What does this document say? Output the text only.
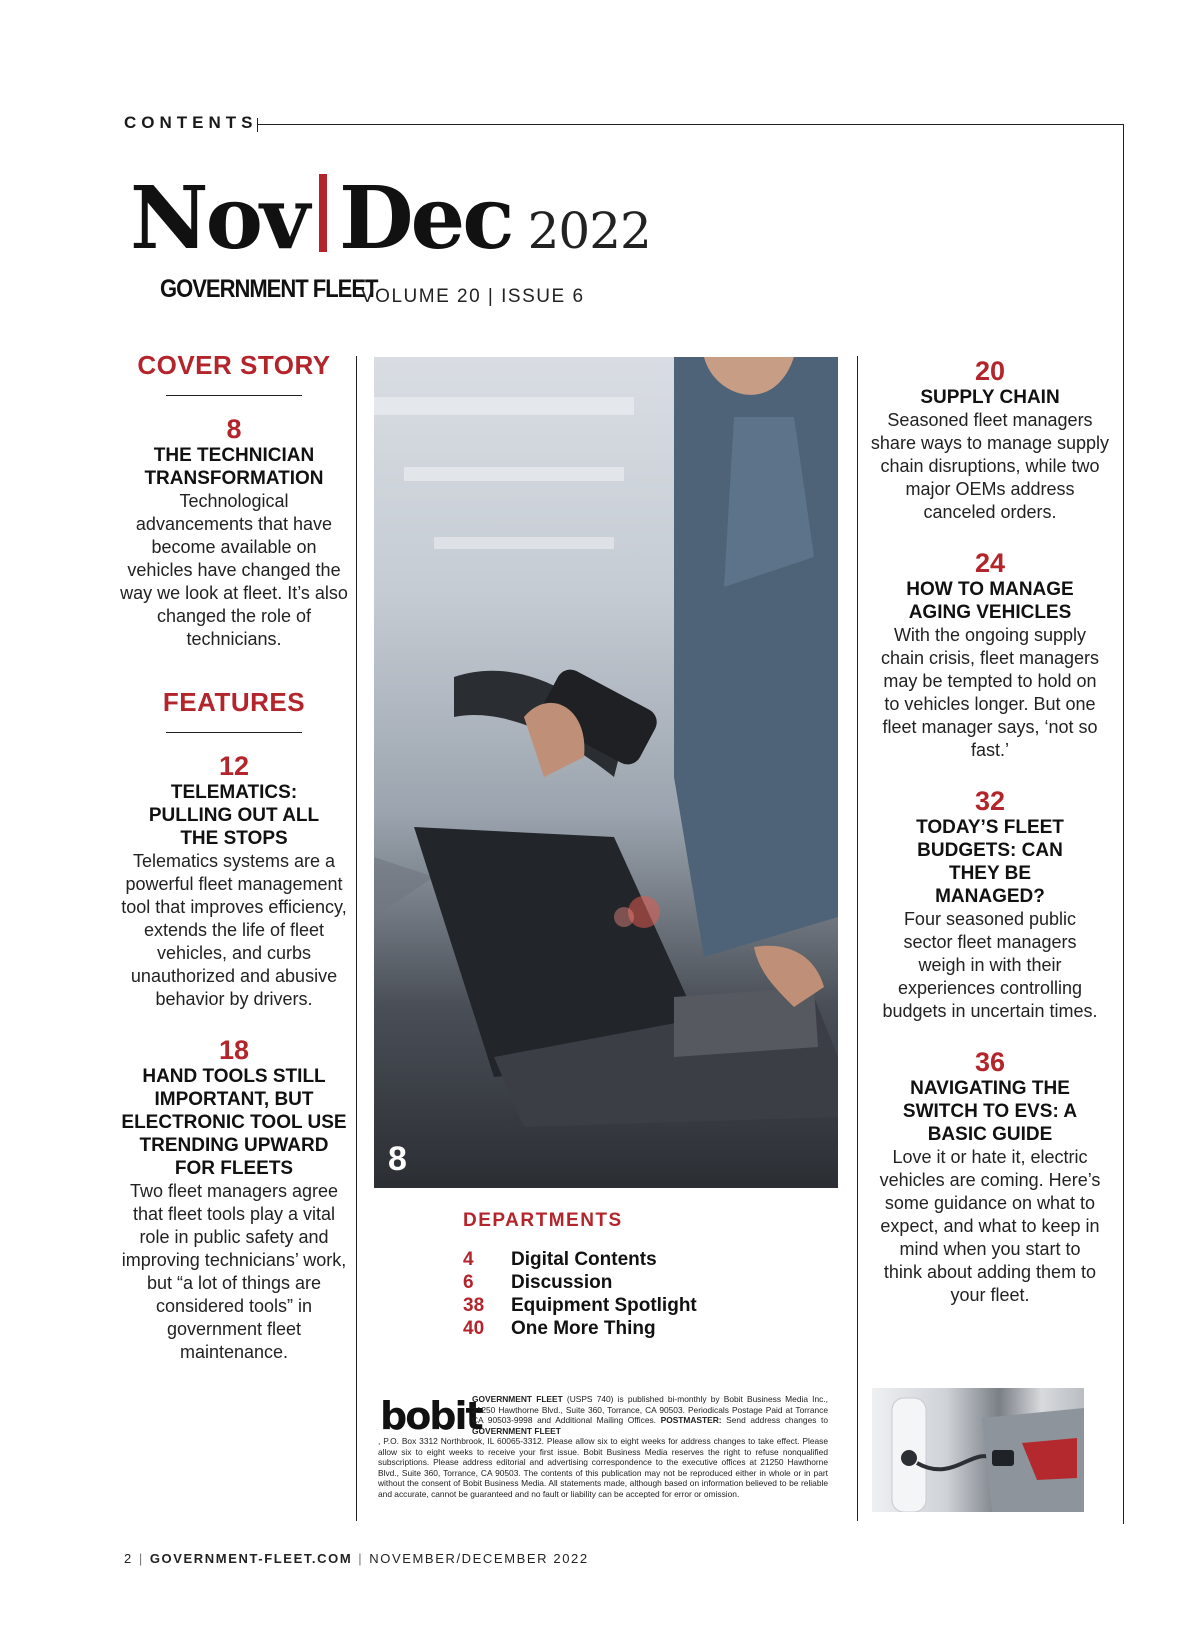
CONTENTS
Nov Dec 2022
GOVERNMENT FLEET
VOLUME 20 | ISSUE 6
COVER STORY
8
THE TECHNICIAN TRANSFORMATION
Technological advancements that have become available on vehicles have changed the way we look at fleet. It’s also changed the role of technicians.
FEATURES
12
TELEMATICS: PULLING OUT ALL THE STOPS
Telematics systems are a powerful fleet management tool that improves efficiency, extends the life of fleet vehicles, and curbs unauthorized and abusive behavior by drivers.
18
HAND TOOLS STILL IMPORTANT, BUT ELECTRONIC TOOL USE TRENDING UPWARD FOR FLEETS
Two fleet managers agree that fleet tools play a vital role in public safety and improving technicians’ work, but “a lot of things are considered tools” in government fleet maintenance.
8
20
SUPPLY CHAIN
Seasoned fleet managers share ways to manage supply chain disruptions, while two major OEMs address canceled orders.
24
HOW TO MANAGE AGING VEHICLES
With the ongoing supply chain crisis, fleet managers may be tempted to hold on to vehicles longer. But one fleet manager says, ‘not so fast.’
32
TODAY’S FLEET BUDGETS: CAN THEY BE MANAGED?
Four seasoned public sector fleet managers weigh in with their experiences controlling budgets in uncertain times.
36
NAVIGATING THE SWITCH TO EVS: A BASIC GUIDE
Love it or hate it, electric vehicles are coming. Here’s some guidance on what to expect, and what to keep in mind when you start to think about adding them to your fleet.
DEPARTMENTS
4	Digital Contents
6	Discussion
38	Equipment Spotlight
40	One More Thing
bobit
GOVERNMENT FLEET (USPS 740) is published bi-monthly by Bobit Business Media Inc., 21250 Hawthorne Blvd., Suite 360, Torrance, CA 90503. Periodicals Postage Paid at Torrance CA 90503-9998 and Additional Mailing Offices. POSTMASTER: Send address changes to GOVERNMENT FLEET
, P.O. Box 3312 Northbrook, IL 60065-3312. Please allow six to eight weeks for address changes to take effect. Please allow six to eight weeks to receive your first issue. Bobit Business Media reserves the right to refuse nonqualified subscriptions. Please address editorial and advertising correspondence to the executive offices at 21250 Hawthorne Blvd., Suite 360, Torrance, CA 90503. The contents of this publication may not be reproduced either in whole or in part without the consent of Bobit Business Media. All statements made, although based on information believed to be reliable and accurate, cannot be guaranteed and no fault or liability can be accepted for error or omission.
2 | GOVERNMENT-FLEET.COM | NOVEMBER/DECEMBER 2022
